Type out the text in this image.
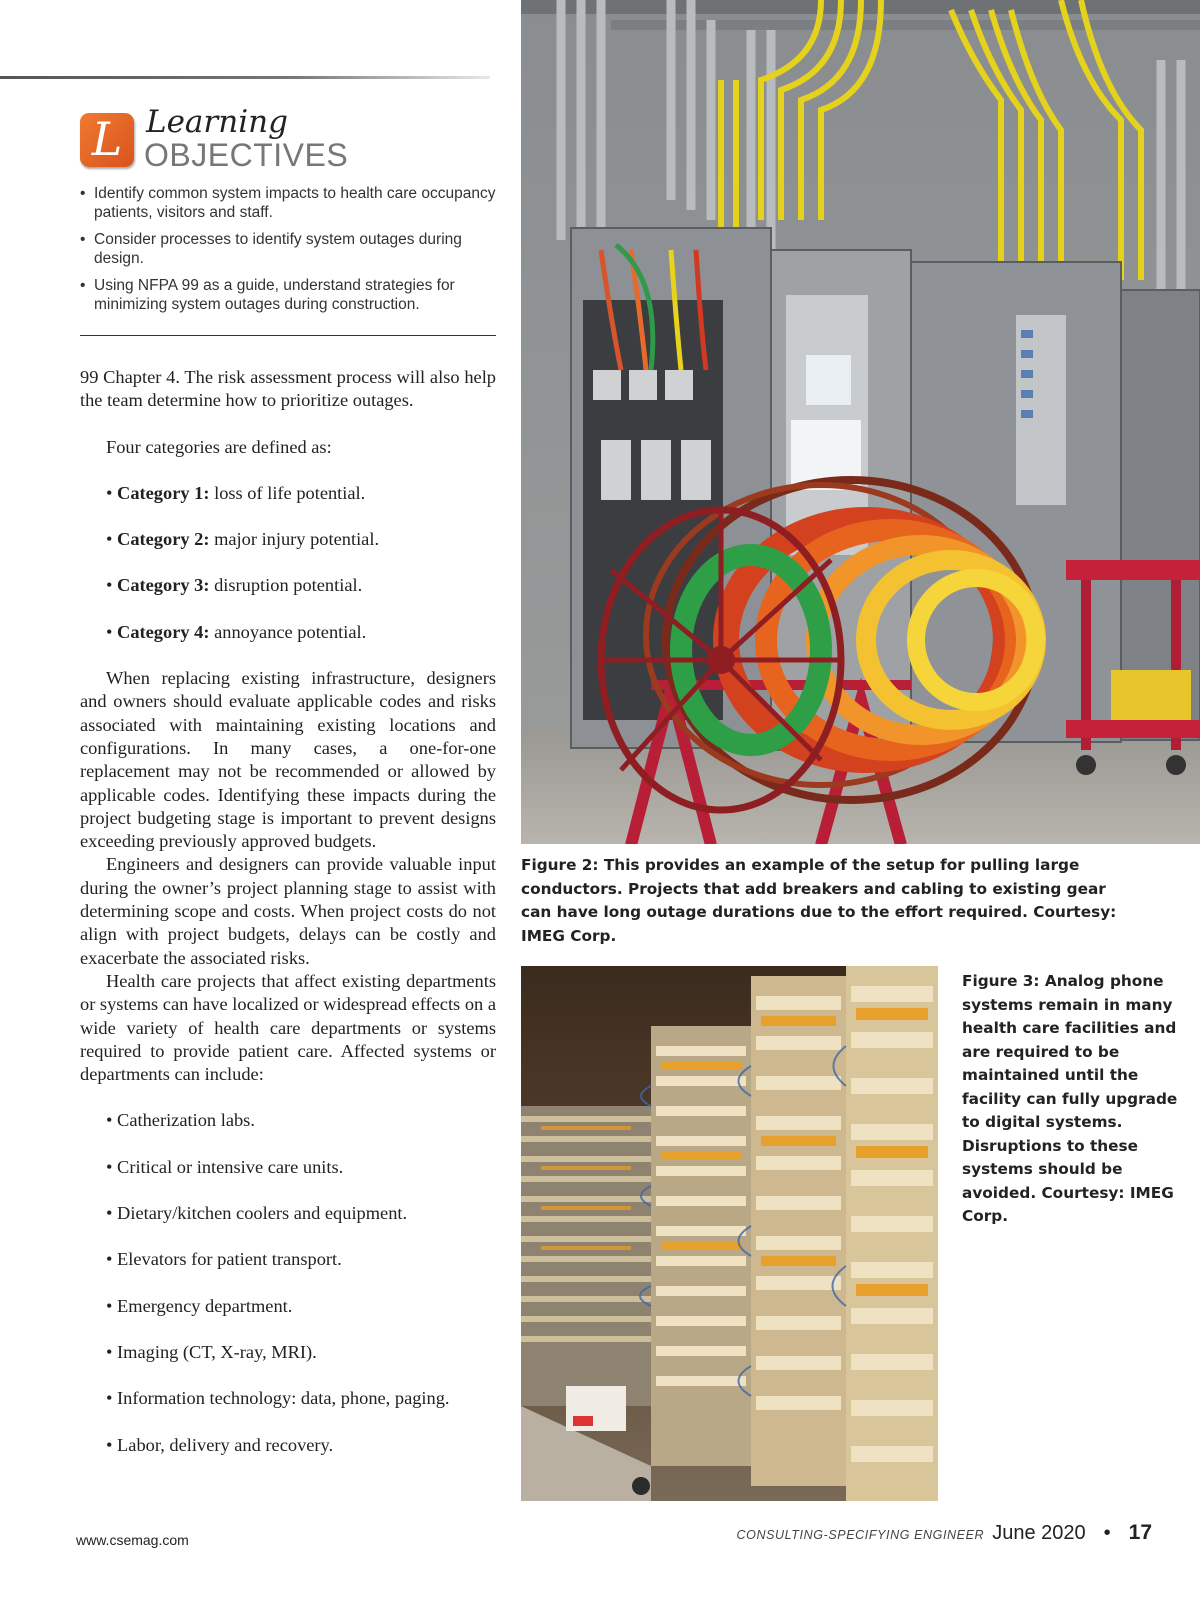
L Learning
OBJECTIVES
• Identify common system impacts to health care occupancy patients, visitors and staff.
• Consider processes to identify system outages during design.
• Using NFPA 99 as a guide, understand strategies for minimizing system outages during construction.

99 Chapter 4. The risk assessment process will also help the team determine how to prioritize outages.

Four categories are defined as:

• Category 1: loss of life potential.

• Category 2: major injury potential.

• Category 3: disruption potential.

• Category 4: annoyance potential.

When replacing existing infrastructure, designers and owners should evaluate applicable codes and risks associated with maintaining existing locations and configurations. In many cases, a one-for-one replacement may not be recommended or allowed by applicable codes. Identifying these impacts during the project budgeting stage is important to prevent designs exceeding previously approved budgets.

Engineers and designers can provide valuable input during the owner’s project planning stage to assist with determining scope and costs. When project costs do not align with project budgets, delays can be costly and exacerbate the associated risks.

Health care projects that affect existing departments or systems can have localized or widespread effects on a wide variety of health care departments or systems required to provide patient care. Affected systems or departments can include:

• Catherization labs.

• Critical or intensive care units.

• Dietary/kitchen coolers and equipment.

• Elevators for patient transport.

• Emergency department.

• Imaging (CT, X-ray, MRI).

• Information technology: data, phone, paging.

• Labor, delivery and recovery.

Figure 2: This provides an example of the setup for pulling large conductors. Projects that add breakers and cabling to existing gear can have long outage durations due to the effort required. Courtesy: IMEG Corp.
Figure 3: Analog phone systems remain in many health care facilities and are required to be maintained until the facility can fully upgrade to digital systems. Disruptions to these systems should be avoided. Courtesy: IMEG Corp.
www.csemag.com	CONSULTING-SPECIFYING ENGINEER June 2020 • 17
